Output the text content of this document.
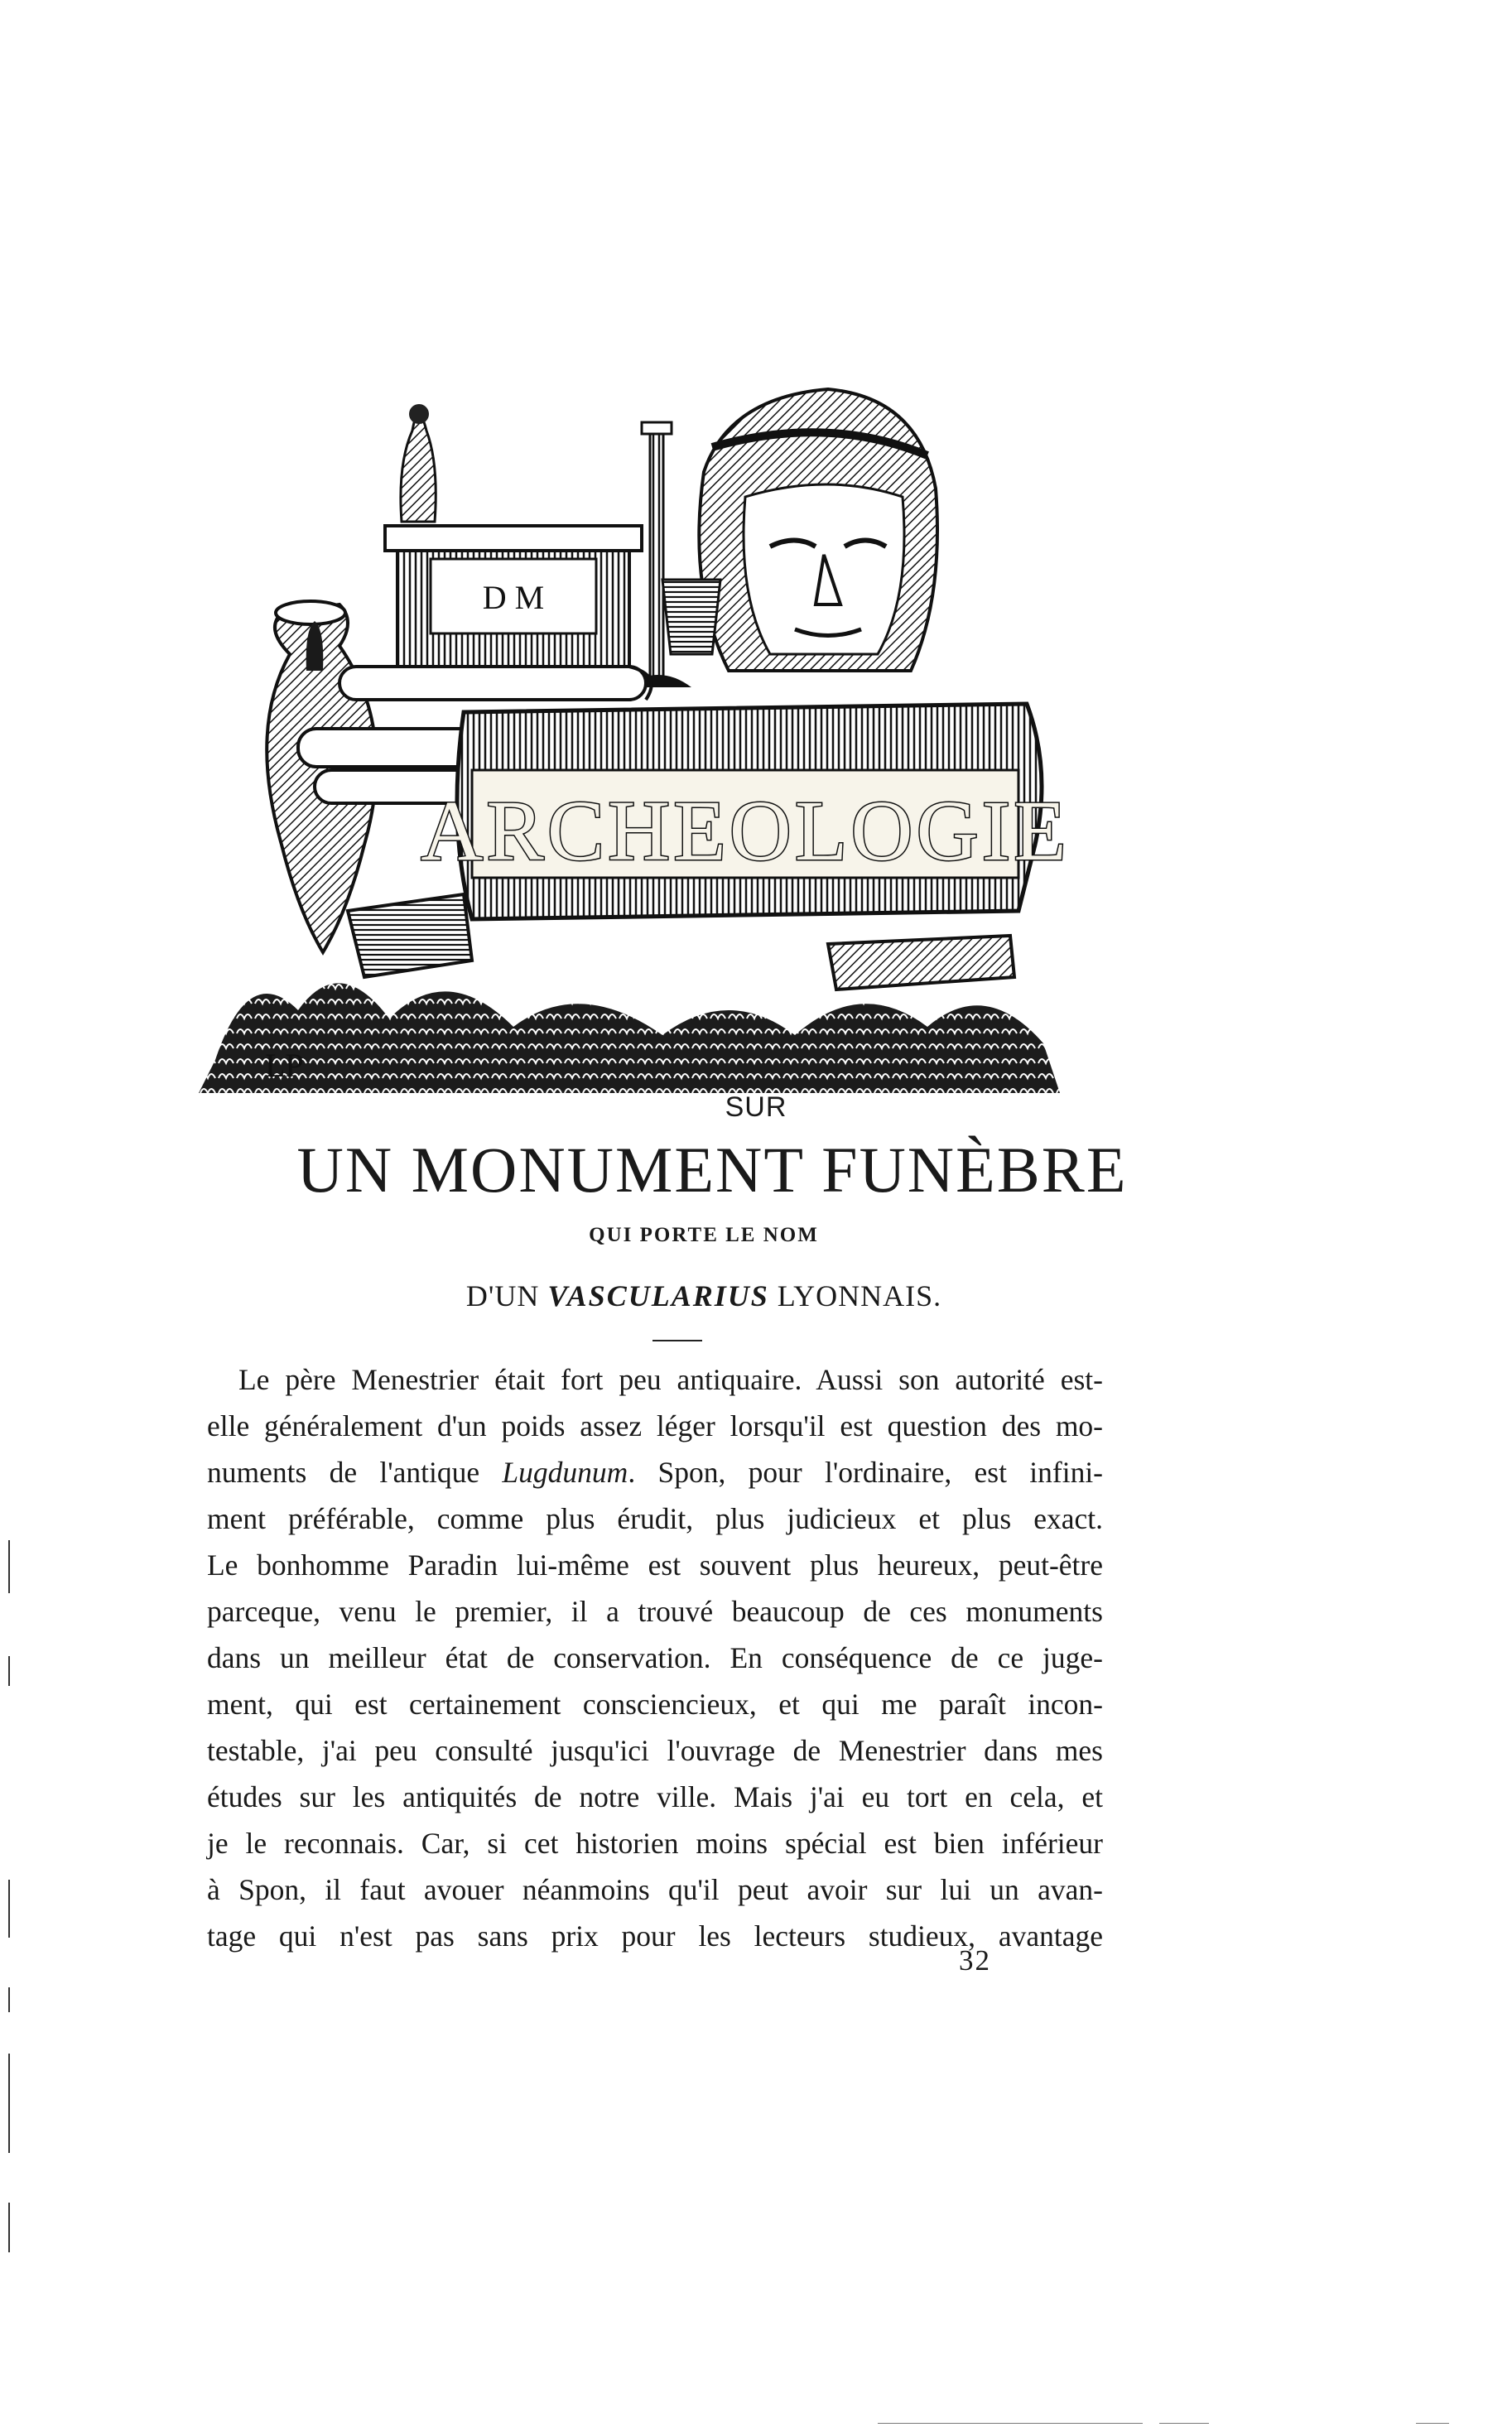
D M
ARCHEOLOGIE
LP
SUR
UN MONUMENT FUNÈBRE
QUI PORTE LE NOM
D'UN VASCULARIUS LYONNAIS.
Le père Menestrier était fort peu antiquaire. Aussi son autorité est-
elle généralement d'un poids assez léger lorsqu'il est question des mo-
numents de l'antique Lugdunum. Spon, pour l'ordinaire, est infini-
ment préférable, comme plus érudit, plus judicieux et plus exact.
Le bonhomme Paradin lui-même est souvent plus heureux, peut-être
parceque, venu le premier, il a trouvé beaucoup de ces monuments
dans un meilleur état de conservation. En conséquence de ce juge-
ment, qui est certainement consciencieux, et qui me paraît incon-
testable, j'ai peu consulté jusqu'ici l'ouvrage de Menestrier dans mes
études sur les antiquités de notre ville. Mais j'ai eu tort en cela, et
je le reconnais. Car, si cet historien moins spécial est bien inférieur
à Spon, il faut avouer néanmoins qu'il peut avoir sur lui un avan-
tage qui n'est pas sans prix pour les lecteurs studieux, avantage
32
